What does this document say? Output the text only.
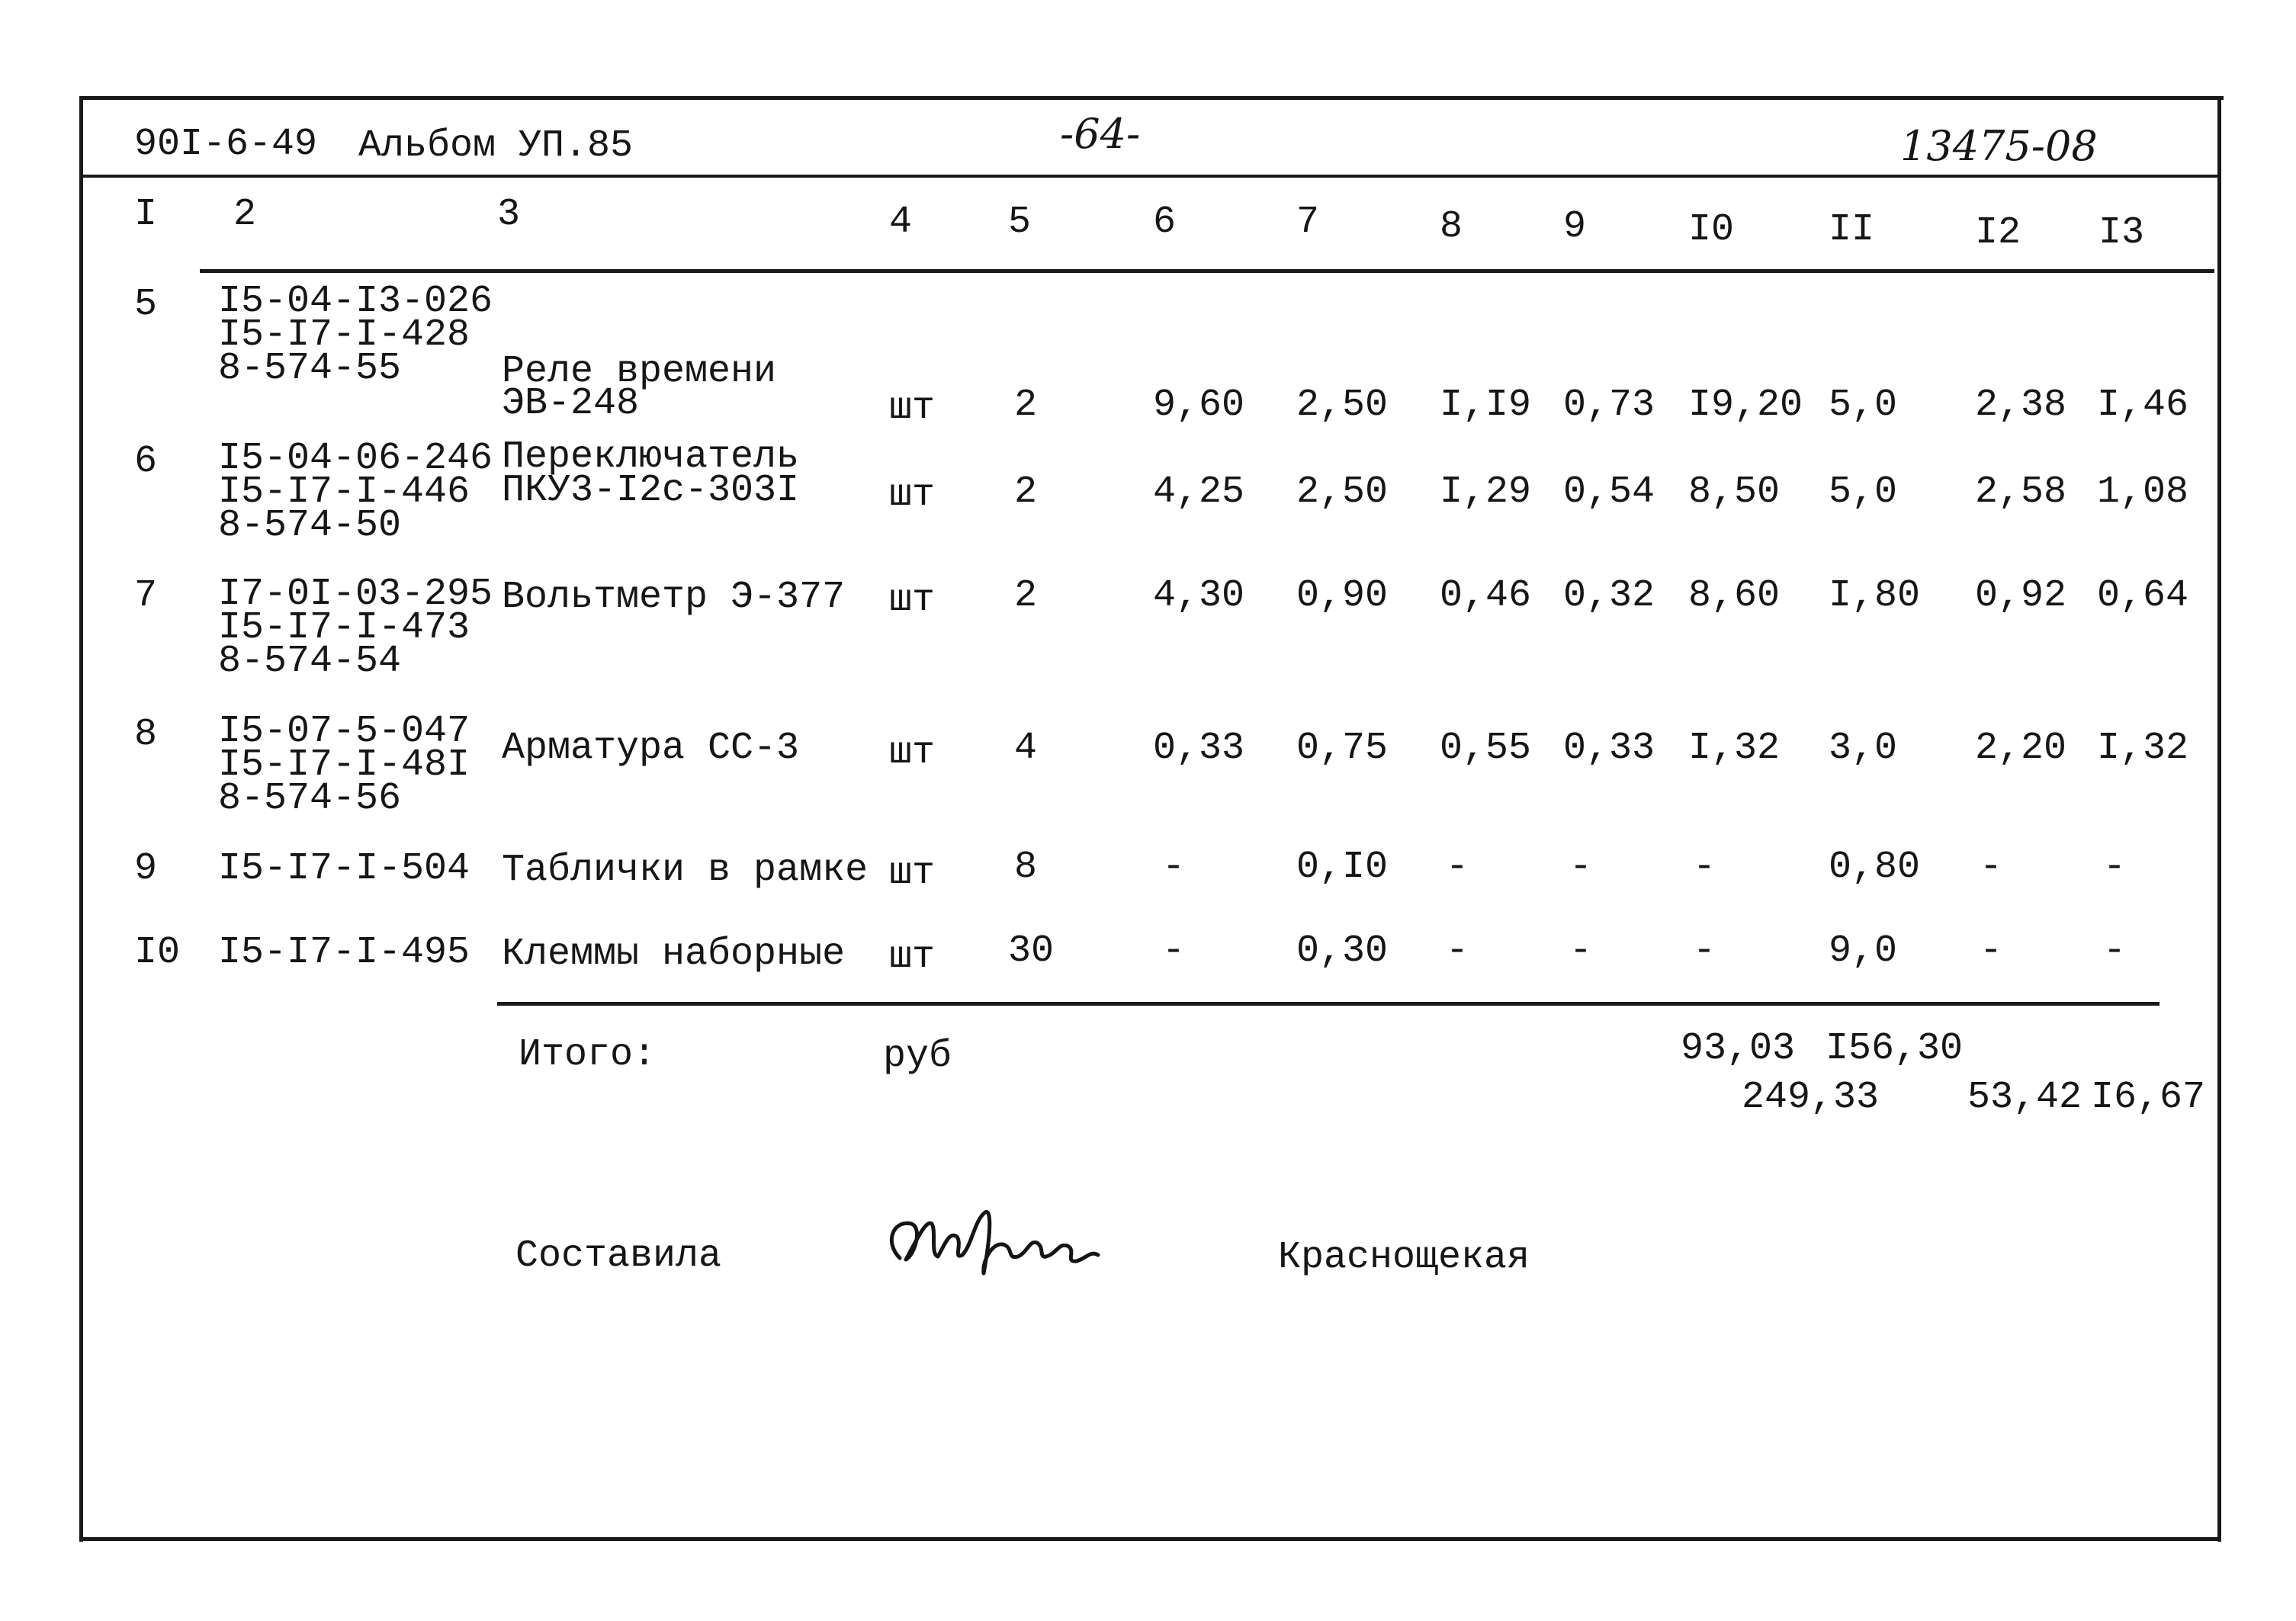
90I-6-49 Альбом УП.85	-64-	13475-08
I 2	3	4	5	6	7	8	9	I0 II	I2 I3
5 I5-04-I3-026
I5-I7-I-428
8-574-55	Реле времени
ЭВ-248	шт 2	9,60 2,50 I,I9 0,73 I9,20 5,0 2,38 I,46
6 I5-04-06-246
I5-I7-I-446
8-574-50
Переключатель
ПКУ3-I2с-303I шт 2	4,25 2,50 I,29 0,54 8,50 5,0 2,58 1,08
7 I7-0I-03-295
I5-I7-I-473
8-574-54
Вольтметр Э-377 шт 2	4,30 0,90 0,46 0,32 8,60 I,80 0,92 0,64
8 I5-07-5-047
I5-I7-I-48I
8-574-56
Арматура СС-3 шт 4	0,33 0,75 0,55 0,33 I,32 3,0 2,20 I,32
9 I5-I7-I-504 Таблички в рамке шт 8	-	0,I0 -	-	-	0,80 -	-
I0 I5-I7-I-495 Клеммы наборные шт 30	-	0,30 -	-	-	9,0 -	-
Итого:	руб	93,03 I56,30
249,33 53,42 I6,67
Составила	Краснощекая
